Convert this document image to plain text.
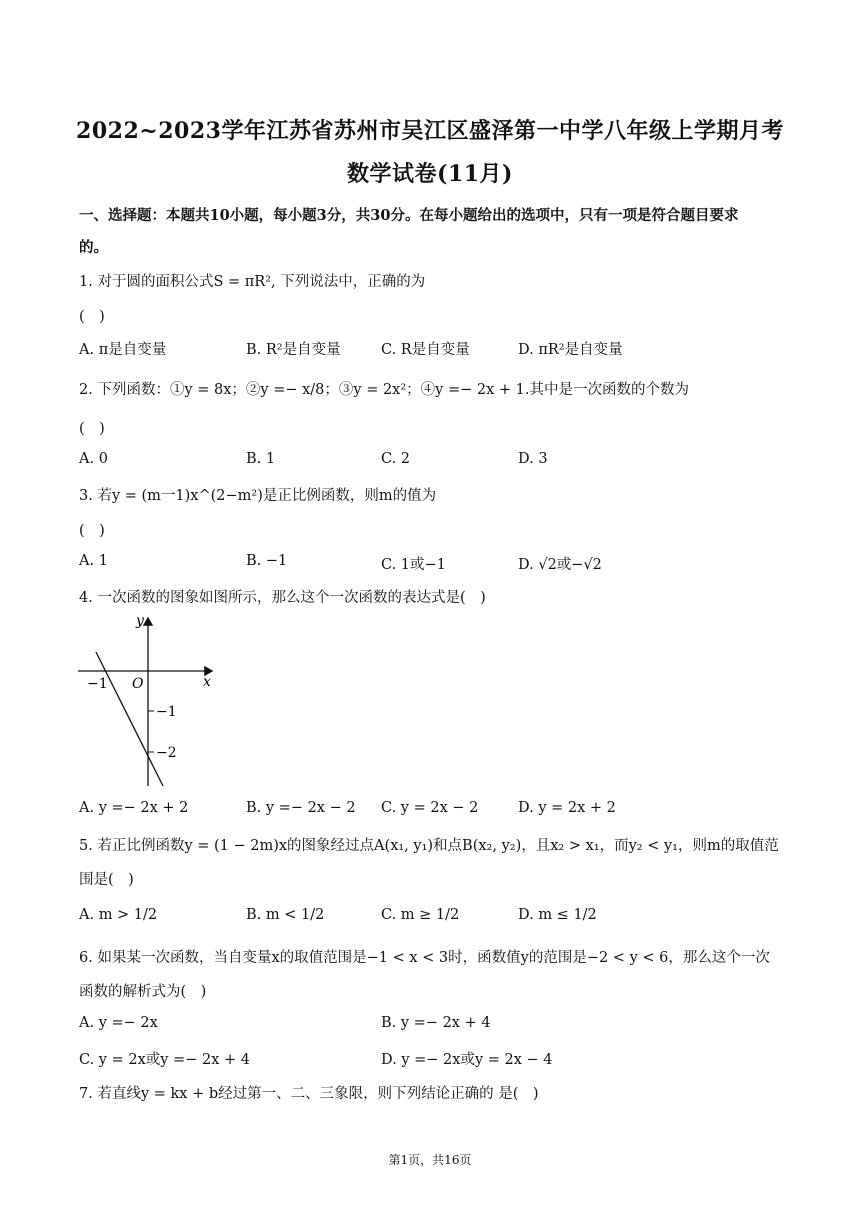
2022~2023学年江苏省苏州市吴江区盛泽第一中学八年级上学期月考
数学试卷(11月)
一、选择题：本题共10小题，每小题3分，共30分。在每小题给出的选项中，只有一项是符合题目要求
的。
1. 对于圆的面积公式S = πR², 下列说法中，正确的为
(　)
A. π是自变量	B. R²是自变量	C. R是自变量	D. πR²是自变量
2. 下列函数：①y = 8x；②y =− x/8；③y = 2x²；④y =− 2x + 1.其中是一次函数的个数为
(　)
A. 0	B. 1	C. 2	D. 3
3. 若y = (m一1)x^(2−m²)是正比例函数，则m的值为
(　)
A. 1	B. −1	C. 1或−1	D. √2或−√2
4. 一次函数的图象如图所示，那么这个一次函数的表达式是(　)
y
x
O
−1
−1
−2
A. y =− 2x + 2	B. y =− 2x − 2 C. y = 2x − 2	D. y = 2x + 2
5. 若正比例函数y = (1 − 2m)x的图象经过点A(x₁, y₁)和点B(x₂, y₂)，且x₂ > x₁，而y₂ < y₁，则m的取值范
围是(　)
A. m > 1/2	B. m < 1/2	C. m ≥ 1/2	D. m ≤ 1/2
6. 如果某一次函数，当自变量x的取值范围是−1 < x < 3时，函数值y的范围是−2 < y < 6，那么这个一次
函数的解析式为(　)
A. y =− 2x	B. y =− 2x + 4
C. y = 2x或y =− 2x + 4	D. y =− 2x或y = 2x − 4
7. 若直线y = kx + b经过第一、二、三象限，则下列结论正确的 是(　)
第1页，共16页
